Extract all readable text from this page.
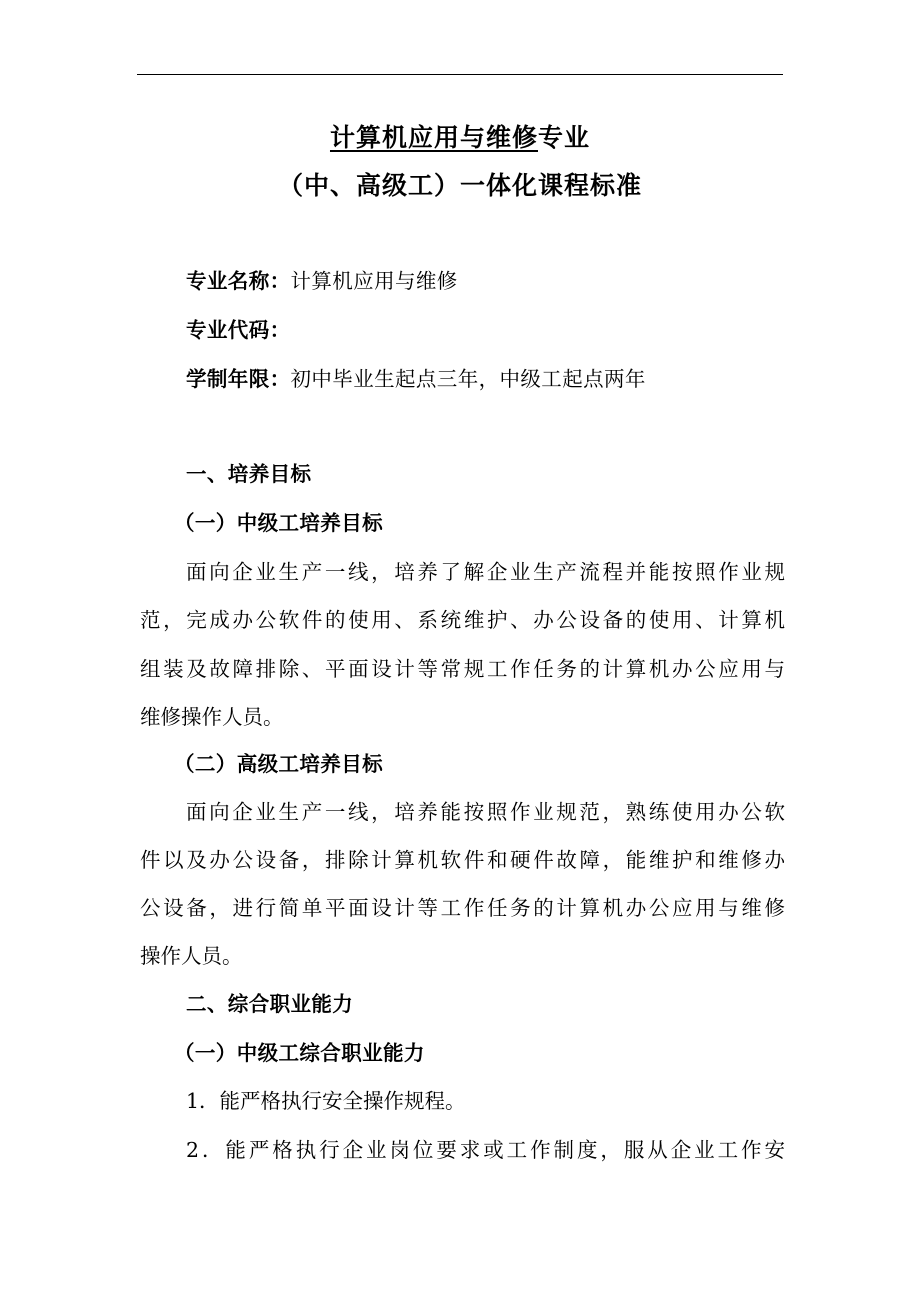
计算机应用与维修专业
（中、高级工）一体化课程标准
专业名称：计算机应用与维修
专业代码：
学制年限：初中毕业生起点三年，中级工起点两年
一、培养目标
（一）中级工培养目标
面向企业生产一线，培养了解企业生产流程并能按照作业规
范，完成办公软件的使用、系统维护、办公设备的使用、计算机
组装及故障排除、平面设计等常规工作任务的计算机办公应用与
维修操作人员。
（二）高级工培养目标
面向企业生产一线，培养能按照作业规范，熟练使用办公软
件以及办公设备，排除计算机软件和硬件故障，能维护和维修办
公设备，进行简单平面设计等工作任务的计算机办公应用与维修
操作人员。
二、综合职业能力
（一）中级工综合职业能力
1．能严格执行安全操作规程。
2．能严格执行企业岗位要求或工作制度，服从企业工作安
